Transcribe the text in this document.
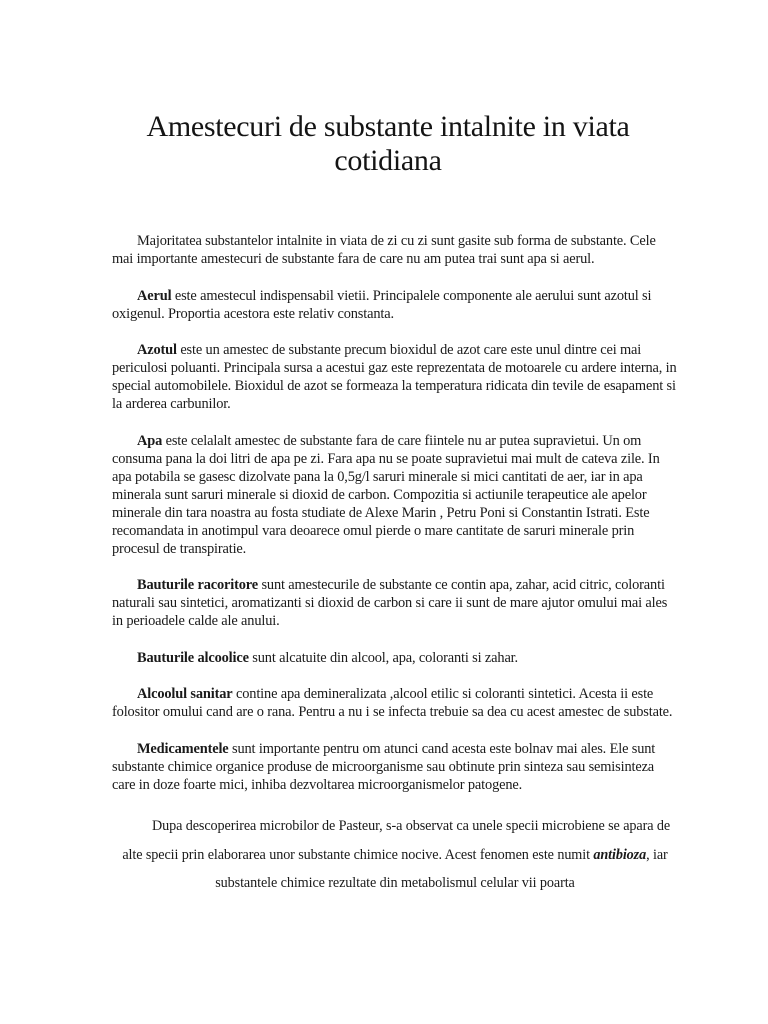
Amestecuri de substante intalnite in viata cotidiana

Majoritatea substantelor intalnite in viata de zi cu zi sunt gasite sub forma de substante. Cele mai importante amestecuri de substante fara de care nu am putea trai sunt apa si aerul.

Aerul este amestecul indispensabil vietii. Principalele componente ale aerului sunt azotul si oxigenul. Proportia acestora este relativ constanta.

Azotul este un amestec de substante precum bioxidul de azot care este unul dintre cei mai periculosi poluanti. Principala sursa a acestui gaz este reprezentata de motoarele cu ardere interna, in special automobilele. Bioxidul de azot se formeaza la temperatura ridicata din tevile de esapament si la arderea carbunilor.

Apa este celalalt amestec de substante fara de care fiintele nu ar putea supravietui. Un om consuma pana la doi litri de apa pe zi. Fara apa nu se poate supravietui mai mult de cateva zile. In apa potabila se gasesc dizolvate pana la 0,5g/l saruri minerale si mici cantitati de aer, iar in apa minerala sunt saruri minerale si dioxid de carbon. Compozitia si actiunile terapeutice ale apelor minerale din tara noastra au fosta studiate de Alexe Marin , Petru Poni si Constantin Istrati. Este recomandata in anotimpul vara deoarece omul pierde o mare cantitate de saruri minerale prin procesul de transpiratie.

Bauturile racoritore sunt amestecurile de substante ce contin apa, zahar, acid citric, coloranti naturali sau sintetici, aromatizanti si dioxid de carbon si care ii sunt de mare ajutor omului mai ales in perioadele calde ale anului.

Bauturile alcoolice sunt alcatuite din alcool, apa, coloranti si zahar.

Alcoolul sanitar contine apa demineralizata ,alcool etilic si coloranti sintetici. Acesta ii este folositor omului cand are o rana. Pentru a nu i se infecta trebuie sa dea cu acest amestec de substate.

Medicamentele sunt importante pentru om atunci cand acesta este bolnav mai ales. Ele sunt substante chimice organice produse de microorganisme sau obtinute prin sinteza sau semisinteza care in doze foarte mici, inhiba dezvoltarea microorganismelor patogene.

Dupa descoperirea microbilor de Pasteur, s-a observat ca unele specii microbiene se apara de alte specii prin elaborarea unor substante chimice nocive. Acest fenomen este numit antibioza, iar substantele chimice rezultate din metabolismul celular vii poarta
